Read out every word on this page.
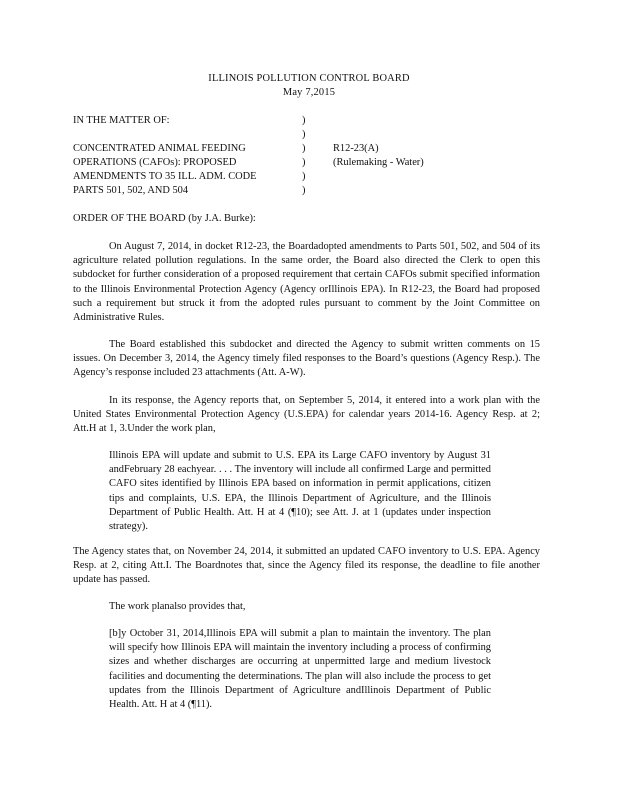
ILLINOIS POLLUTION CONTROL BOARD
May 7,2015
IN THE MATTER OF:
CONCENTRATED ANIMAL FEEDING
OPERATIONS (CAFOs): PROPOSED
AMENDMENTS TO 35 ILL. ADM. CODE
PARTS 501, 502, AND 504
)
)
)
)
)
)
R12-23(A)
(Rulemaking - Water)
ORDER OF THE BOARD (by J.A. Burke):

On August 7, 2014, in docket R12-23, the Boardadopted amendments to Parts 501, 502, and 504 of its agriculture related pollution regulations. In the same order, the Board also directed the Clerk to open this subdocket for further consideration of a proposed requirement that certain CAFOs submit specified information to the Illinois Environmental Protection Agency (Agency orIllinois EPA). In R12-23, the Board had proposed such a requirement but struck it from the adopted rules pursuant to comment by the Joint Committee on Administrative Rules.

The Board established this subdocket and directed the Agency to submit written comments on 15 issues. On December 3, 2014, the Agency timely filed responses to the Board’s questions (Agency Resp.). The Agency’s response included 23 attachments (Att. A-W).

In its response, the Agency reports that, on September 5, 2014, it entered into a work plan with the United States Environmental Protection Agency (U.S.EPA) for calendar years 2014-16. Agency Resp. at 2; Att.H at 1, 3.Under the work plan,

Illinois EPA will update and submit to U.S. EPA its Large CAFO inventory by August 31 andFebruary 28 eachyear. . . . The inventory will include all confirmed Large and permitted CAFO sites identified by Illinois EPA based on information in permit applications, citizen tips and complaints, U.S. EPA, the Illinois Department of Agriculture, and the Illinois Department of Public Health. Att. H at 4 (¶10); see Att. J. at 1 (updates under inspection strategy).

The Agency states that, on November 24, 2014, it submitted an updated CAFO inventory to U.S. EPA. Agency Resp. at 2, citing Att.I. The Boardnotes that, since the Agency filed its response, the deadline to file another update has passed.

The work planalso provides that,

[b]y October 31, 2014,Illinois EPA will submit a plan to maintain the inventory. The plan will specify how Illinois EPA will maintain the inventory including a process of confirming sizes and whether discharges are occurring at unpermitted large and medium livestock facilities and documenting the determinations. The plan will also include the process to get updates from the Illinois Department of Agriculture andIllinois Department of Public Health. Att. H at 4 (¶11).
